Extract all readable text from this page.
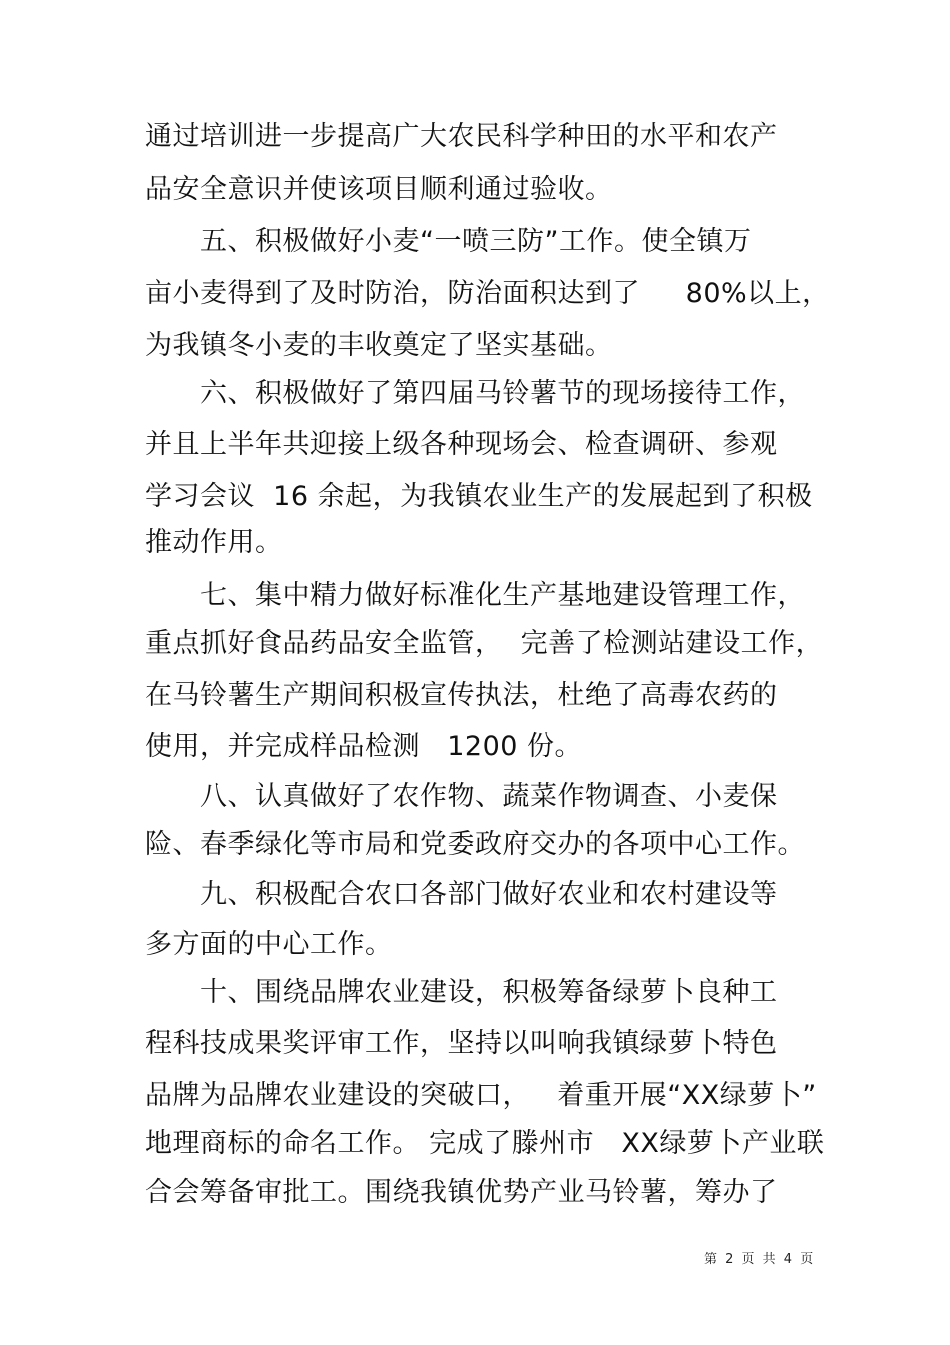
通过培训进一步提高广大农民科学种田的水平和农产
品安全意识并使该项目顺利通过验收。
五、积极做好小麦“一喷三防”工作。使全镇万
亩小麦得到了及时防治，防治面积达到了　  80%以上，
为我镇冬小麦的丰收奠定了坚实基础。
六、积极做好了第四届马铃薯节的现场接待工作，
并且上半年共迎接上级各种现场会、检查调研、参观
学习会议  16 余起，为我镇农业生产的发展起到了积极
推动作用。
七、集中精力做好标准化生产基地建设管理工作，
重点抓好食品药品安全监管，  完善了检测站建设工作，
在马铃薯生产期间积极宣传执法，杜绝了高毒农药的
使用，并完成样品检测   1200 份。
八、认真做好了农作物、蔬菜作物调查、小麦保
险、春季绿化等市局和党委政府交办的各项中心工作。
九、积极配合农口各部门做好农业和农村建设等
多方面的中心工作。
十、围绕品牌农业建设，积极筹备绿萝卜良种工
程科技成果奖评审工作，坚持以叫响我镇绿萝卜特色
品牌为品牌农业建设的突破口，   着重开展“XX绿萝卜”
地理商标的命名工作。 完成了滕州市   XX绿萝卜产业联
合会筹备审批工。围绕我镇优势产业马铃薯，筹办了
第 2 页 共 4 页
